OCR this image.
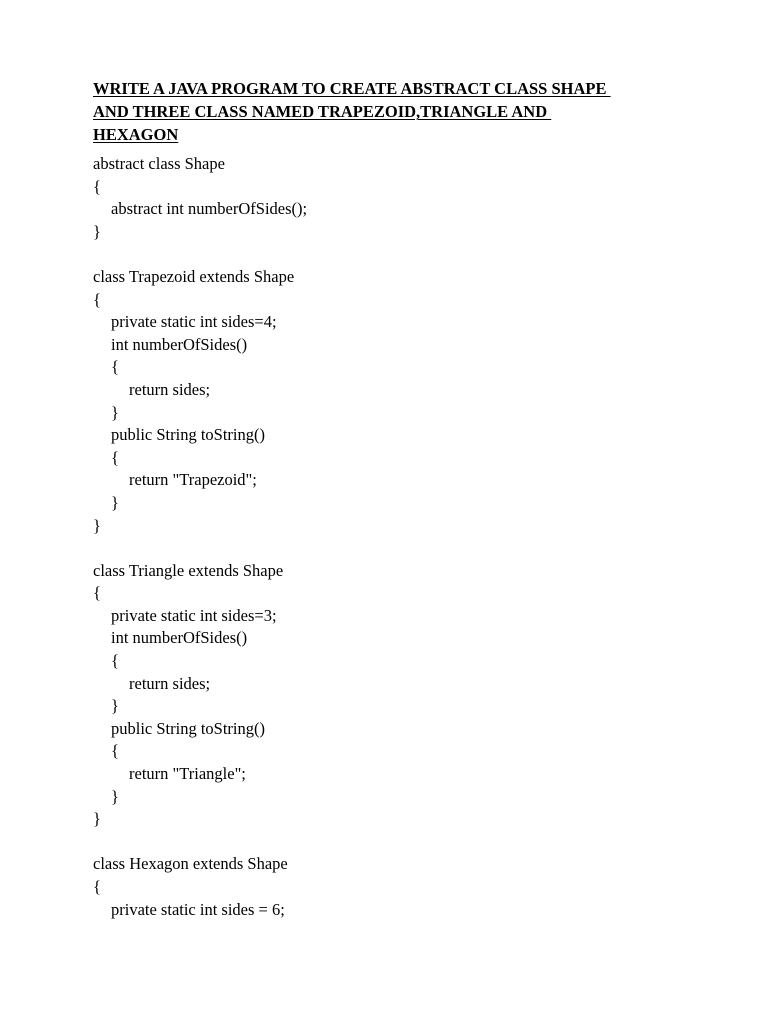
WRITE A JAVA PROGRAM TO CREATE ABSTRACT CLASS SHAPE
AND THREE CLASS NAMED TRAPEZOID,TRIANGLE AND
HEXAGON
abstract class Shape
{
abstract int numberOfSides();
}
class Trapezoid extends Shape
{
private static int sides=4;
int numberOfSides()
{
return sides;
}
public String toString()
{
return "Trapezoid";
}
}
class Triangle extends Shape
{
private static int sides=3;
int numberOfSides()
{
return sides;
}
public String toString()
{
return "Triangle";
}
}
class Hexagon extends Shape
{
private static int sides = 6;
